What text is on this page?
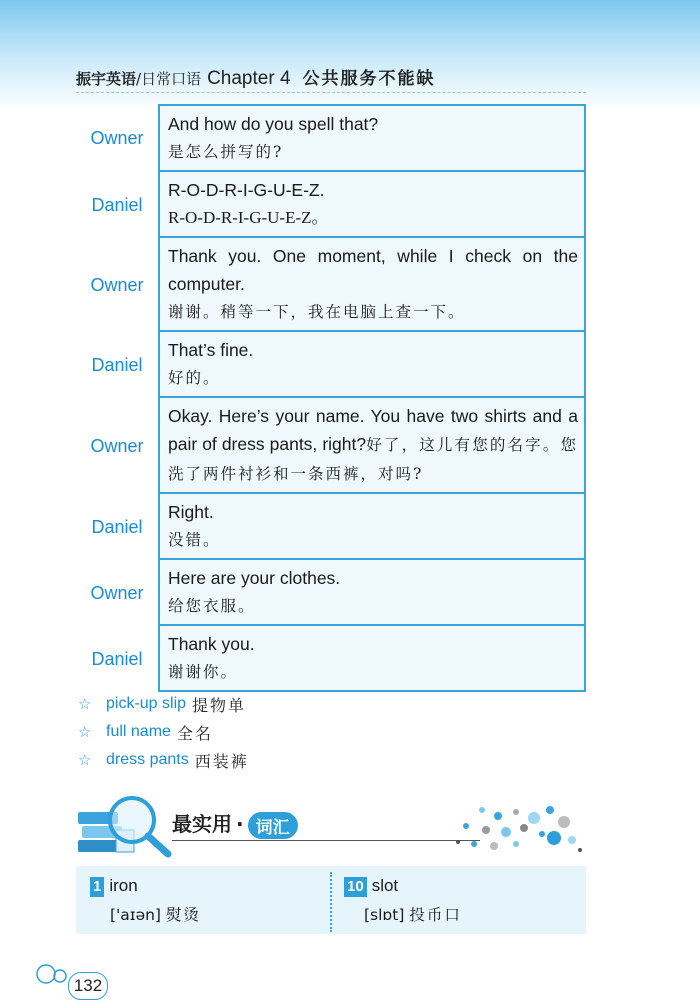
振宇英语 /日常口语 Chapter 4 公共服务不能缺
Owner
And how do you spell that?
是怎么拼写的?
Daniel
R-O-D-R-I-G-U-E-Z.
R-O-D-R-I-G-U-E-Z。
Owner
Thank you. One moment, while I check on the computer.
谢谢。稍等一下，我在电脑上查一下。
Daniel
That’s fine.
好的。
Owner
Okay. Here’s your name. You have two shirts and a pair of dress pants, right?好了，这儿有您的名字。您洗了两件衬衫和一条西裤，对吗?
Daniel
Right.
没错。
Owner
Here are your clothes.
给您衣服。
Daniel
Thank you.
谢谢你。
☆ pick-up slip 提物单
☆ full name 全名
☆ dress pants 西装裤
最实用 · 词汇
1 iron
['aɪən] 熨烫
10 slot
[slɒt] 投币口
132
